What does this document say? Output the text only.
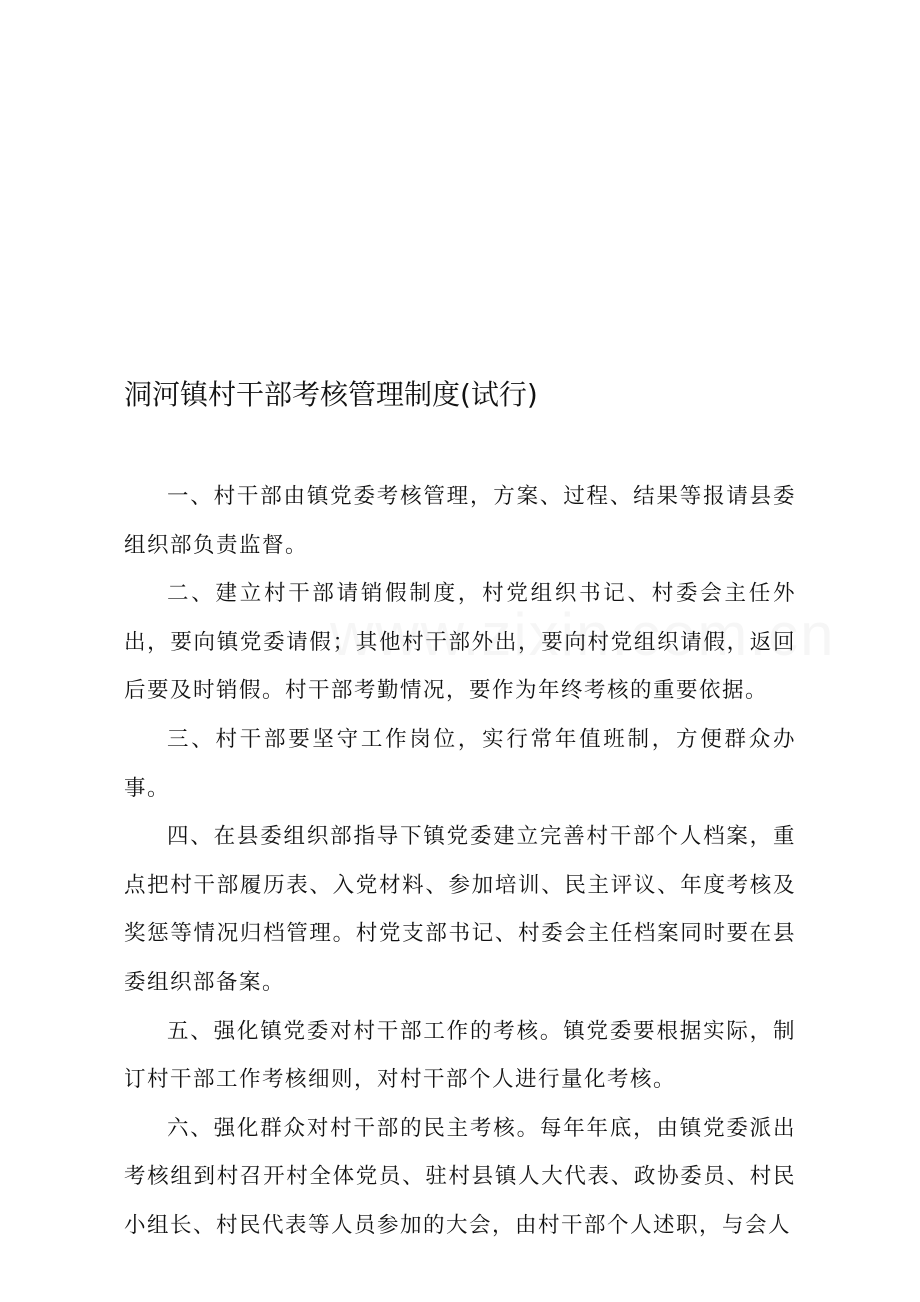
洞河镇村干部考核管理制度(试行)

一、村干部由镇党委考核管理，方案、过程、结果等报请县委组织部负责监督。

二、建立村干部请销假制度，村党组织书记、村委会主任外出，要向镇党委请假；其他村干部外出，要向村党组织请假，返回后要及时销假。村干部考勤情况，要作为年终考核的重要依据。

三、村干部要坚守工作岗位，实行常年值班制，方便群众办事。

四、在县委组织部指导下镇党委建立完善村干部个人档案，重点把村干部履历表、入党材料、参加培训、民主评议、年度考核及奖惩等情况归档管理。村党支部书记、村委会主任档案同时要在县委组织部备案。

五、强化镇党委对村干部工作的考核。镇党委要根据实际，制订村干部工作考核细则，对村干部个人进行量化考核。

六、强化群众对村干部的民主考核。每年年底，由镇党委派出考核组到村召开村全体党员、驻村县镇人大代表、政协委员、村民小组长、村民代表等人员参加的大会，由村干部个人述职，与会人
